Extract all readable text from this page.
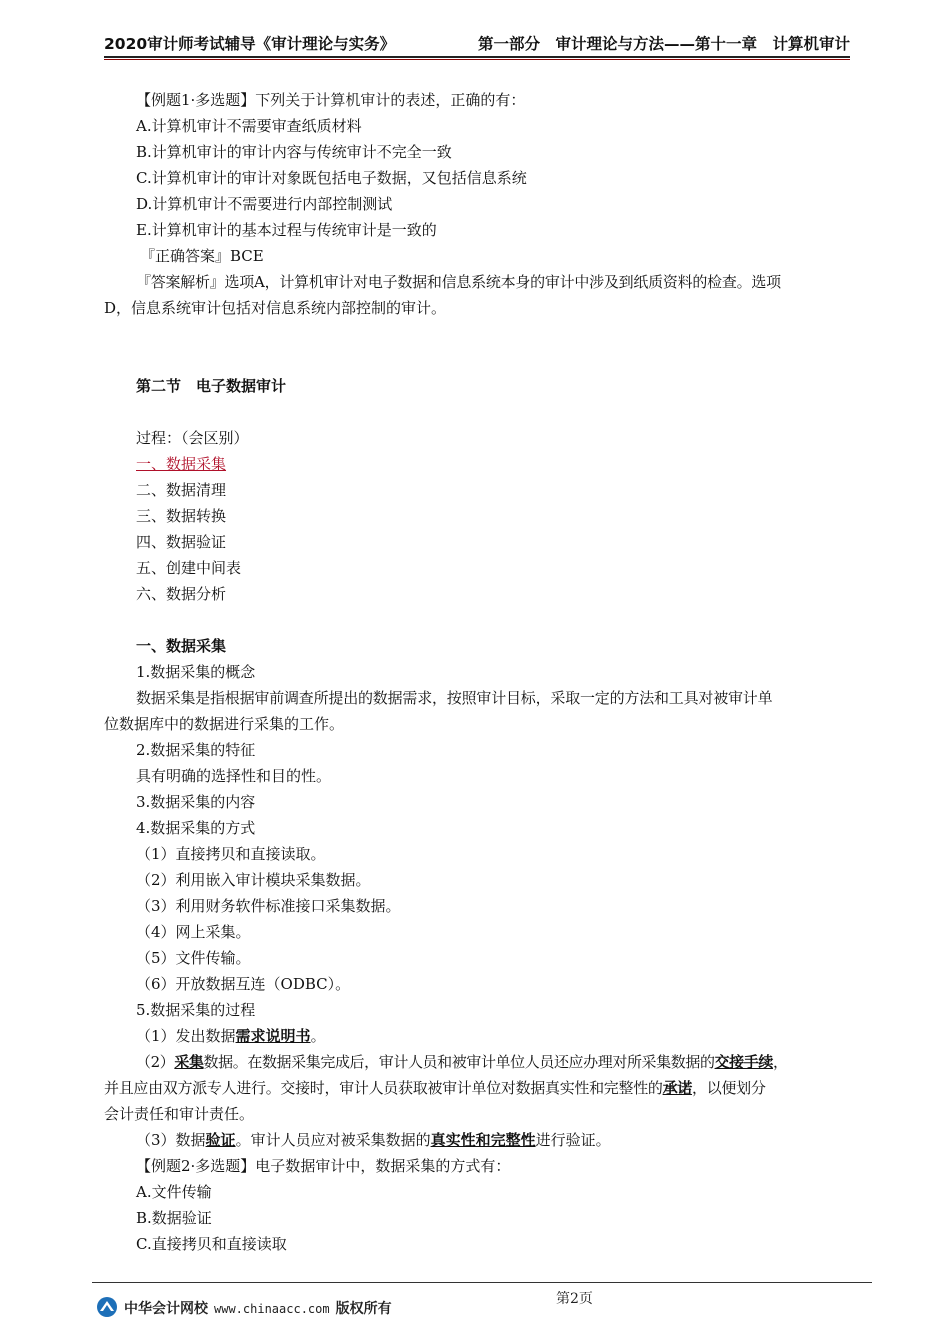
2020审计师考试辅导《审计理论与实务》	第一部分　审计理论与方法——第十一章　计算机审计
【例题1·多选题】下列关于计算机审计的表述，正确的有：
A.计算机审计不需要审查纸质材料
B.计算机审计的审计内容与传统审计不完全一致
C.计算机审计的审计对象既包括电子数据，又包括信息系统
D.计算机审计不需要进行内部控制测试
E.计算机审计的基本过程与传统审计是一致的
『正确答案』BCE
『答案解析』选项A，计算机审计对电子数据和信息系统本身的审计中涉及到纸质资料的检查。选项
D，信息系统审计包括对信息系统内部控制的审计。
第二节　电子数据审计
过程：（会区别）
一、数据采集
二、数据清理
三、数据转换
四、数据验证
五、创建中间表
六、数据分析
一、数据采集
1.数据采集的概念
数据采集是指根据审前调查所提出的数据需求，按照审计目标，采取一定的方法和工具对被审计单
位数据库中的数据进行采集的工作。
2.数据采集的特征
具有明确的选择性和目的性。
3.数据采集的内容
4.数据采集的方式
（1）直接拷贝和直接读取。
（2）利用嵌入审计模块采集数据。
（3）利用财务软件标准接口采集数据。
（4）网上采集。
（5）文件传输。
（6）开放数据互连（ODBC）。
5.数据采集的过程
（1）发出数据需求说明书。
（2）采集数据。在数据采集完成后，审计人员和被审计单位人员还应办理对所采集数据的交接手续，
并且应由双方派专人进行。交接时，审计人员获取被审计单位对数据真实性和完整性的承诺，以便划分
会计责任和审计责任。
（3）数据验证。审计人员应对被采集数据的真实性和完整性进行验证。
【例题2·多选题】电子数据审计中，数据采集的方式有：
A.文件传输
B.数据验证
C.直接拷贝和直接读取
第2页
中华会计网校 www.chinaacc.com 版权所有
